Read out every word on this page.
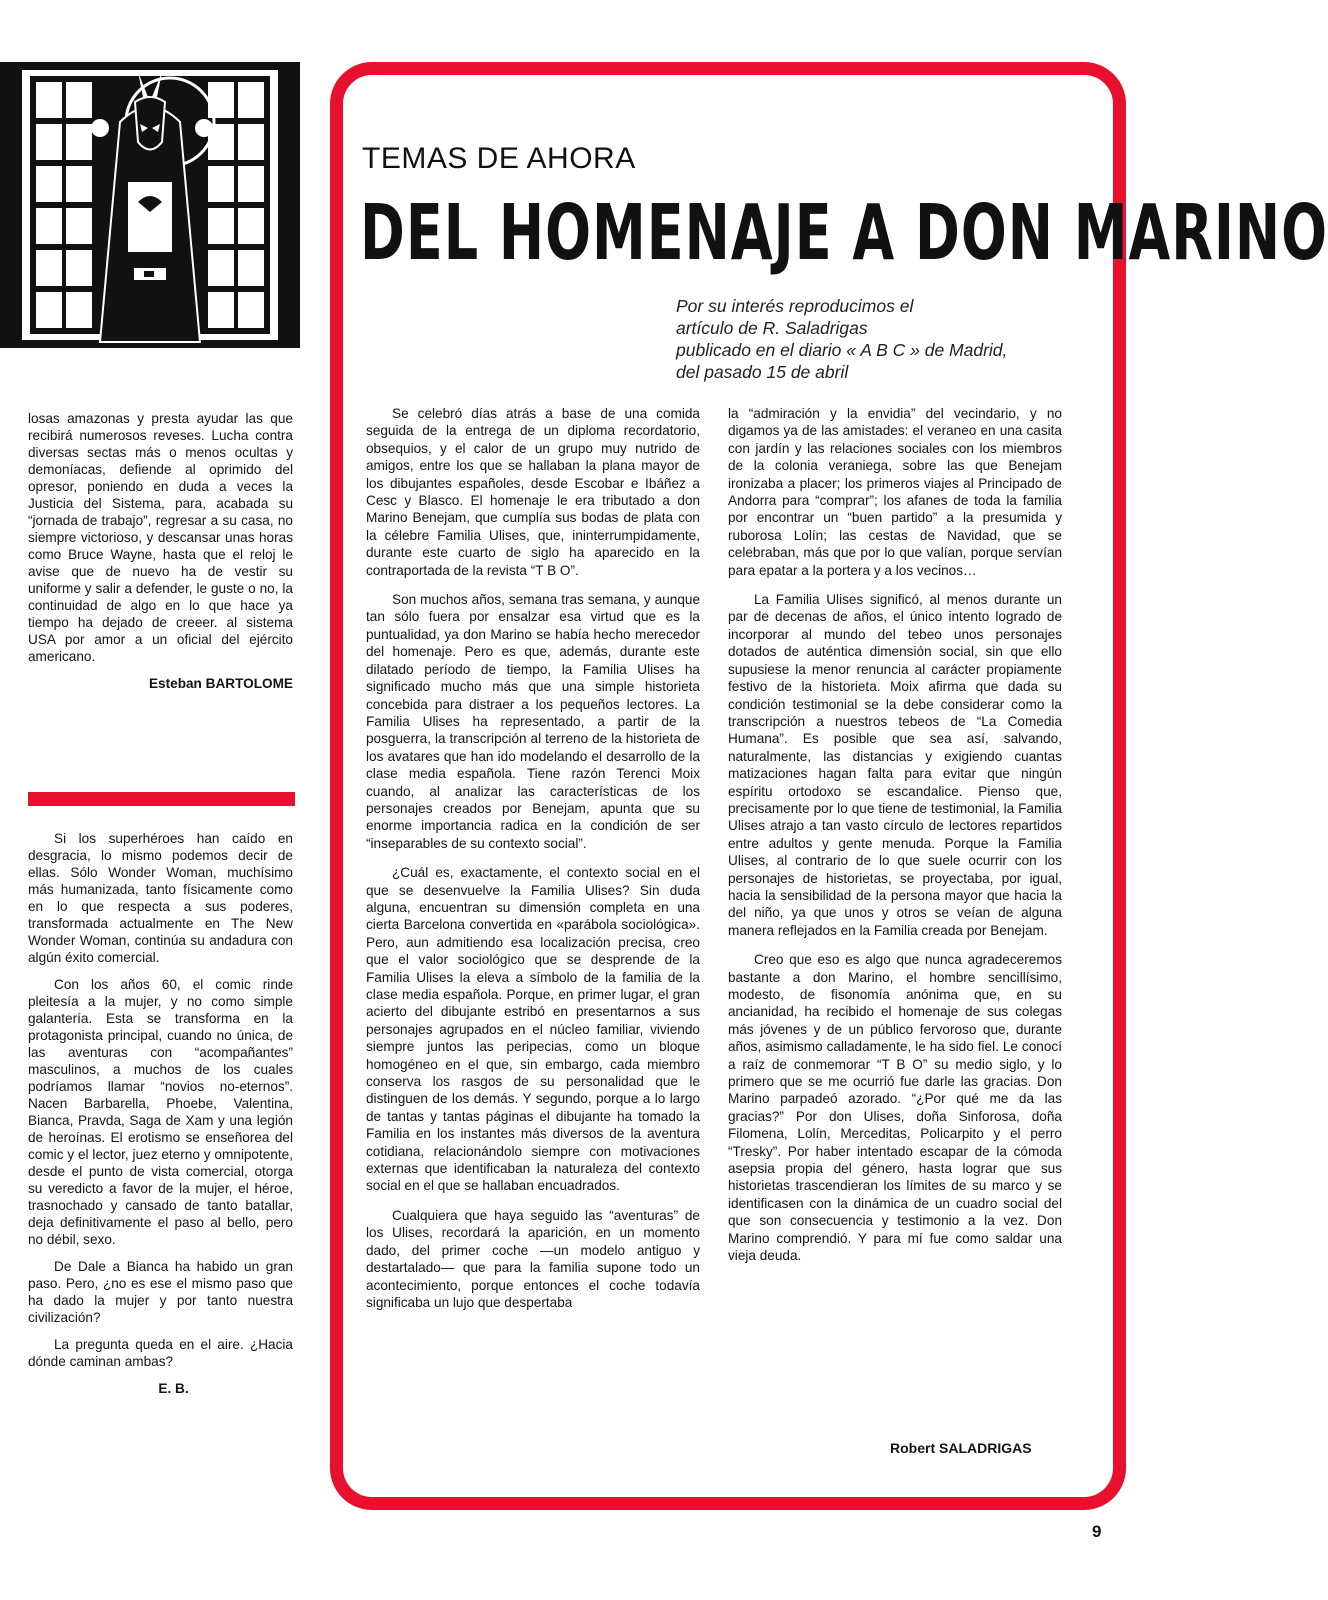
losas amazonas y presta ayudar las que recibirá numerosos reveses. Lucha contra diversas sectas más o menos ocultas y demoníacas, defiende al oprimido del opresor, poniendo en duda a veces la Justicia del Sistema, para, acabada su “jornada de trabajo”, regresar a su casa, no siempre victorioso, y descansar unas horas como Bruce Wayne, hasta que el reloj le avise que de nuevo ha de vestir su uniforme y salir a defender, le guste o no, la continuidad de algo en lo que hace ya tiempo ha dejado de creeer. al sistema USA por amor a un oficial del ejército americano.

Esteban BARTOLOME

Si los superhéroes han caído en desgracia, lo mismo podemos decir de ellas. Sólo Wonder Woman, muchísimo más humanizada, tanto físicamente como en lo que respecta a sus poderes, transformada actualmente en The New Wonder Woman, continúa su andadura con algún éxito comercial.

Con los años 60, el comic rinde pleitesía a la mujer, y no como simple galantería. Esta se transforma en la protagonista principal, cuando no única, de las aventuras con “acompañantes” masculinos, a muchos de los cuales podríamos llamar “novios no-eternos”. Nacen Barbarella, Phoebe, Valentina, Bianca, Pravda, Saga de Xam y una legión de heroínas. El erotismo se enseñorea del comic y el lector, juez eterno y omnipotente, desde el punto de vista comercial, otorga su veredicto a favor de la mujer, el héroe, trasnochado y cansado de tanto batallar, deja definitivamente el paso al bello, pero no débil, sexo.

De Dale a Bianca ha habido un gran paso. Pero, ¿no es ese el mismo paso que ha dado la mujer y por tanto nuestra civilización?

La pregunta queda en el aire. ¿Hacia dónde caminan ambas?

E. B.

TEMAS DE AHORA
DEL HOMENAJE A DON MARINO
Por su interés reproducimos el
artículo de R. Saladrigas
publicado en el diario « A B C » de Madrid,
del pasado 15 de abril

Se celebró días atrás a base de una comida seguida de la entrega de un diploma recordatorio, obsequios, y el calor de un grupo muy nutrido de amigos, entre los que se hallaban la plana mayor de los dibujantes españoles, desde Escobar e Ibáñez a Cesc y Blasco. El homenaje le era tributado a don Marino Benejam, que cumplía sus bodas de plata con la célebre Familia Ulises, que, ininterrumpidamente, durante este cuarto de siglo ha aparecido en la contraportada de la revista “T B O”.

Son muchos años, semana tras semana, y aunque tan sólo fuera por ensalzar esa virtud que es la puntualidad, ya don Marino se había hecho merecedor del homenaje. Pero es que, además, durante este dilatado período de tiempo, la Familia Ulises ha significado mucho más que una simple historieta concebida para distraer a los pequeños lectores. La Familia Ulises ha representado, a partir de la posguerra, la transcripción al terreno de la historieta de los avatares que han ido modelando el desarrollo de la clase media española. Tiene razón Terenci Moix cuando, al analizar las características de los personajes creados por Benejam, apunta que su enorme importancia radica en la condición de ser “inseparables de su contexto social”.

¿Cuál es, exactamente, el contexto social en el que se desenvuelve la Familia Ulises? Sin duda alguna, encuentran su dimensión completa en una cierta Barcelona convertida en «parábola sociológica». Pero, aun admitiendo esa localización precisa, creo que el valor sociológico que se desprende de la Familia Ulises la eleva a símbolo de la familia de la clase media española. Porque, en primer lugar, el gran acierto del dibujante estribó en presentarnos a sus personajes agrupados en el núcleo familiar, viviendo siempre juntos las peripecias, como un bloque homogéneo en el que, sin embargo, cada miembro conserva los rasgos de su personalidad que le distinguen de los demás. Y segundo, porque a lo largo de tantas y tantas páginas el dibujante ha tomado la Familia en los instantes más diversos de la aventura cotidiana, relacionándolo siempre con motivaciones externas que identificaban la naturaleza del contexto social en el que se hallaban encuadrados.

Cualquiera que haya seguido las “aventuras” de los Ulises, recordará la aparición, en un momento dado, del primer coche —un modelo antiguo y destartalado— que para la familia supone todo un acontecimiento, porque entonces el coche todavía significaba un lujo que despertaba

la “admiración y la envidia” del vecindario, y no digamos ya de las amistades: el veraneo en una casita con jardín y las relaciones sociales con los miembros de la colonia veraniega, sobre las que Benejam ironizaba a placer; los primeros viajes al Principado de Andorra para “comprar”; los afanes de toda la familia por encontrar un “buen partido” a la presumida y ruborosa Lolín; las cestas de Navidad, que se celebraban, más que por lo que valían, porque servían para epatar a la portera y a los vecinos…

La Familia Ulises significó, al menos durante un par de decenas de años, el único intento logrado de incorporar al mundo del tebeo unos personajes dotados de auténtica dimensión social, sin que ello supusiese la menor renuncia al carácter propiamente festivo de la historieta. Moix afirma que dada su condición testimonial se la debe considerar como la transcripción a nuestros tebeos de “La Comedia Humana”. Es posible que sea así, salvando, naturalmente, las distancias y exigiendo cuantas matizaciones hagan falta para evitar que ningún espíritu ortodoxo se escandalice. Pienso que, precisamente por lo que tiene de testimonial, la Familia Ulises atrajo a tan vasto círculo de lectores repartidos entre adultos y gente menuda. Porque la Familia Ulises, al contrario de lo que suele ocurrir con los personajes de historietas, se proyectaba, por igual, hacia la sensibilidad de la persona mayor que hacia la del niño, ya que unos y otros se veían de alguna manera reflejados en la Familia creada por Benejam.

Creo que eso es algo que nunca agradeceremos bastante a don Marino, el hombre sencillísimo, modesto, de fisonomía anónima que, en su ancianidad, ha recibido el homenaje de sus colegas más jóvenes y de un público fervoroso que, durante años, asimismo calladamente, le ha sido fiel. Le conocí a raíz de conmemorar “T B O” su medio siglo, y lo primero que se me ocurrió fue darle las gracias. Don Marino parpadeó azorado. “¿Por qué me da las gracias?” Por don Ulises, doña Sinforosa, doña Filomena, Lolín, Merceditas, Policarpito y el perro “Tresky”. Por haber intentado escapar de la cómoda asepsia propia del género, hasta lograr que sus historietas trascendieran los límites de su marco y se identificasen con la dinámica de un cuadro social del que son consecuencia y testimonio a la vez. Don Marino comprendió. Y para mí fue como saldar una vieja deuda.

Robert SALADRIGAS
9
